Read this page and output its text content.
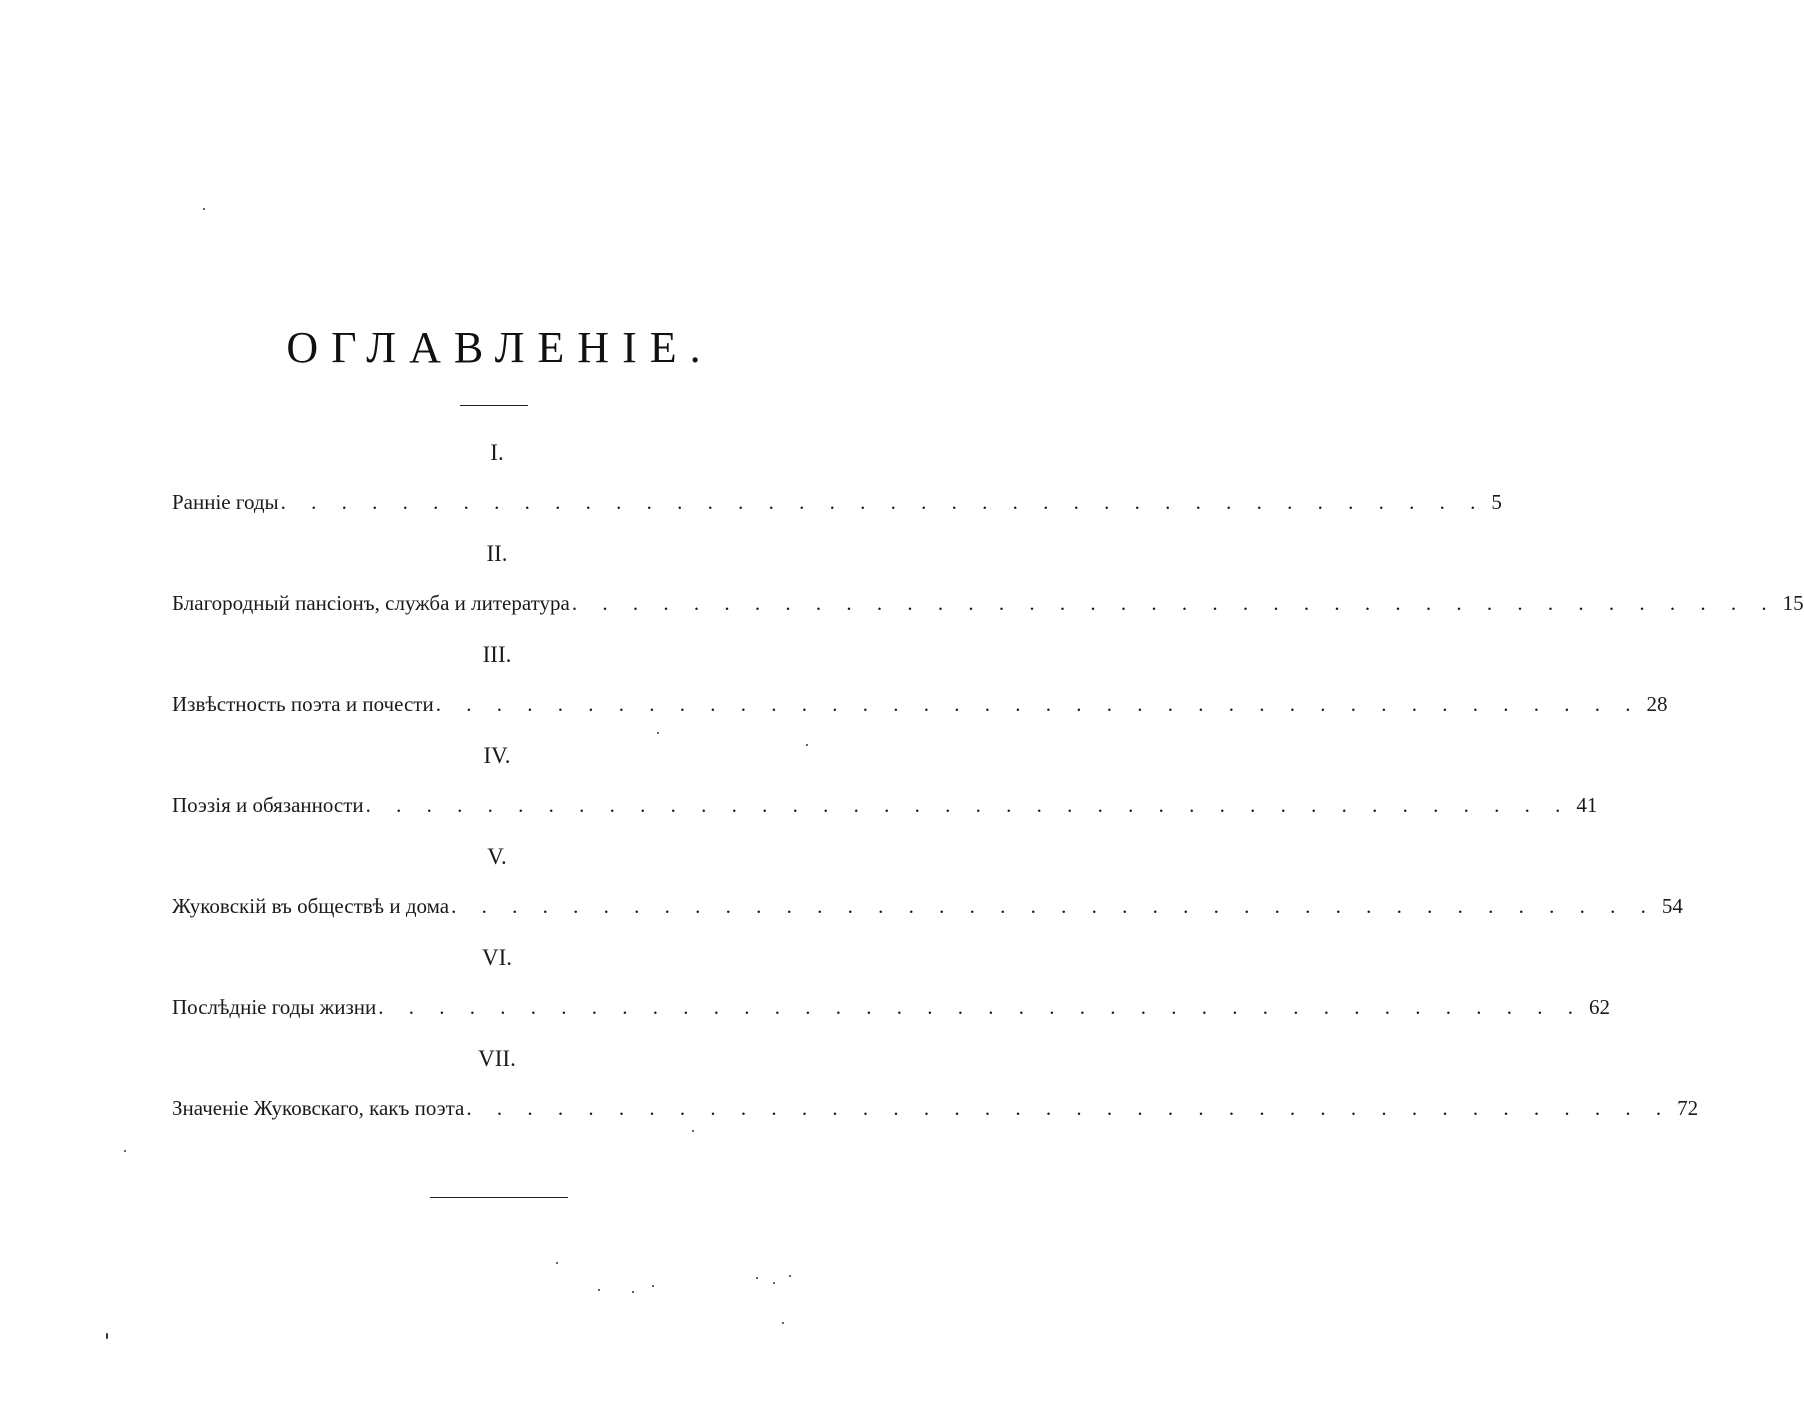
ОГЛАВЛЕНІЕ.
I.
Ранніе годы . . . . . . . . . . . . . . . . . . . . . . . . . . . . . . . . . . . . . . . . 5
II.
Благородный пансіонъ, служба и литература . . . . . . . . . . . . . . . . . . . . . . . . . . . . . . . . . . . . . . . . 15
III.
Извѣстность поэта и почести . . . . . . . . . . . . . . . . . . . . . . . . . . . . . . . . . . . . . . . . 28
IV.
Поэзія и обязанности . . . . . . . . . . . . . . . . . . . . . . . . . . . . . . . . . . . . . . . . 41
V.
Жуковскій въ обществѣ и дома . . . . . . . . . . . . . . . . . . . . . . . . . . . . . . . . . . . . . . . . 54
VI.
Послѣдніе годы жизни . . . . . . . . . . . . . . . . . . . . . . . . . . . . . . . . . . . . . . . . 62
VII.
Значеніе Жуковскаго, какъ поэта . . . . . . . . . . . . . . . . . . . . . . . . . . . . . . . . . . . . . . . . 72
